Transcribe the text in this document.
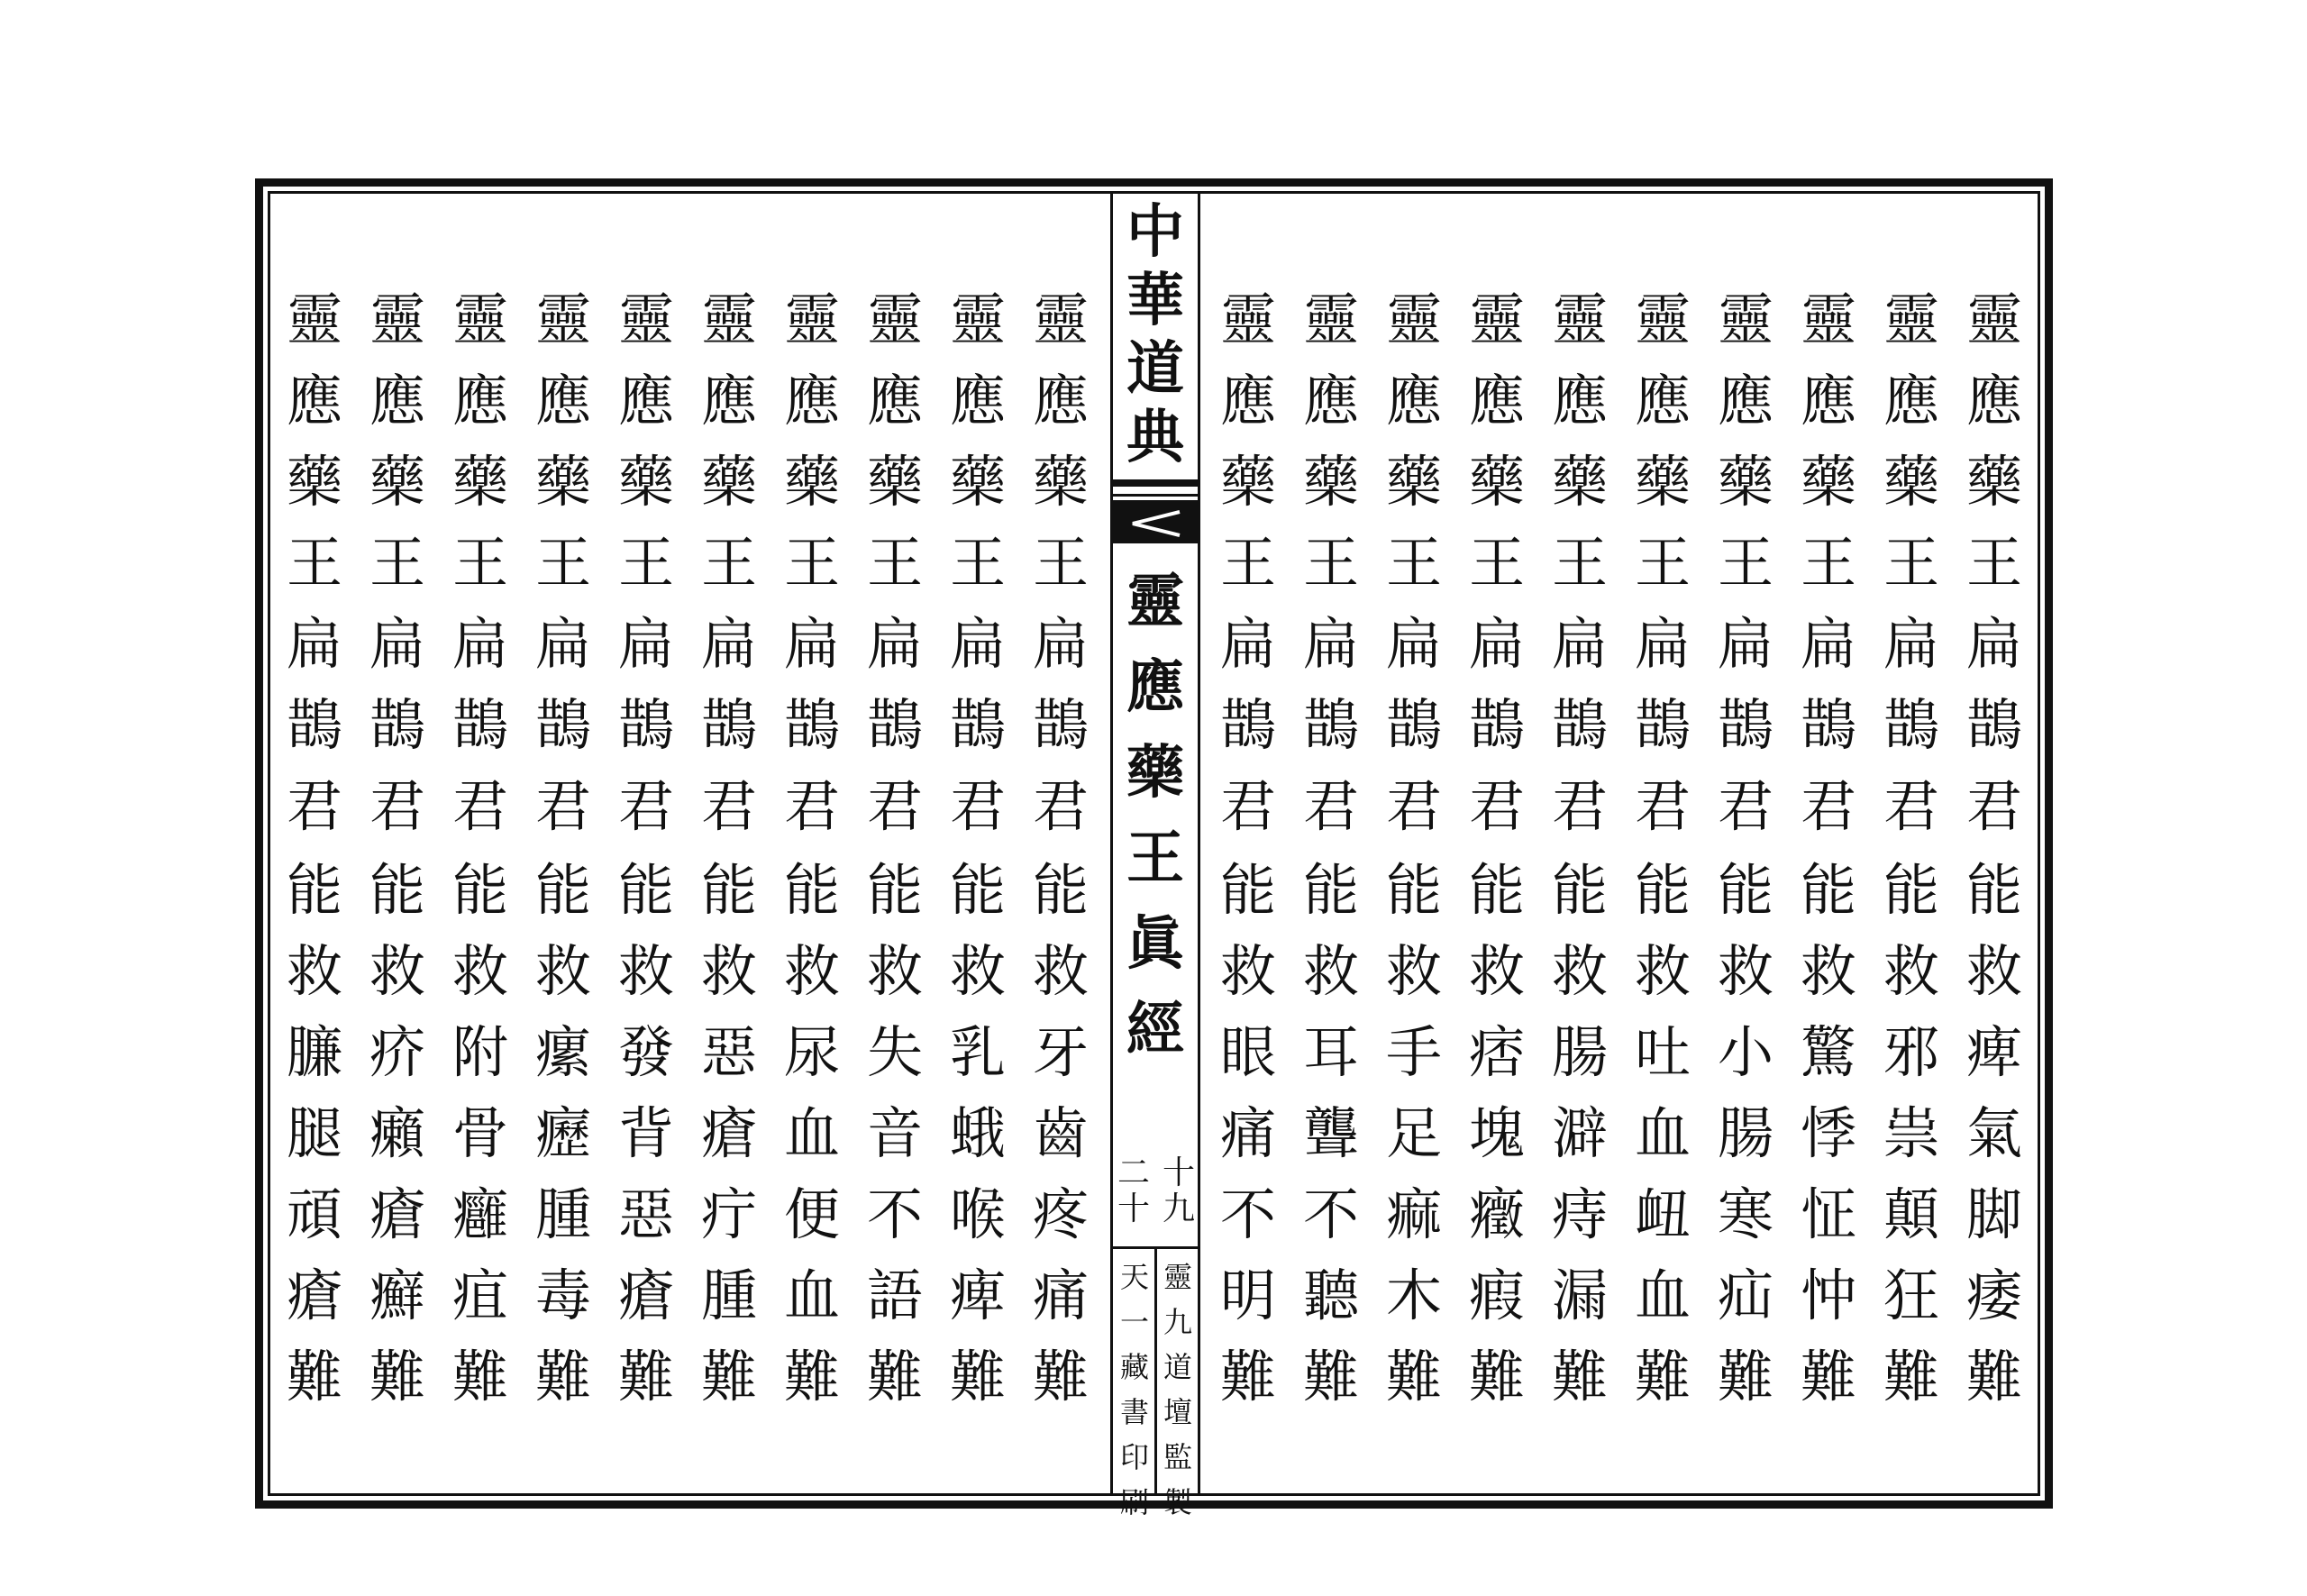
中
華
道
典
靈
應
藥
王
眞
經
十
九
二
十
靈
九
道
壇
監
製
天
一
藏
書
印
刷
靈
應
藥
王
扁
鵲
君
能
救
痺
氣
脚
痿
難
靈
應
藥
王
扁
鵲
君
能
救
邪
祟
顛
狂
難
靈
應
藥
王
扁
鵲
君
能
救
驚
悸
怔
忡
難
靈
應
藥
王
扁
鵲
君
能
救
小
腸
寒
疝
難
靈
應
藥
王
扁
鵲
君
能
救
吐
血
衄
血
難
靈
應
藥
王
扁
鵲
君
能
救
腸
澼
痔
漏
難
靈
應
藥
王
扁
鵲
君
能
救
痞
塊
癥
瘕
難
靈
應
藥
王
扁
鵲
君
能
救
手
足
痲
木
難
靈
應
藥
王
扁
鵲
君
能
救
耳
聾
不
聽
難
靈
應
藥
王
扁
鵲
君
能
救
眼
痛
不
明
難
靈
應
藥
王
扁
鵲
君
能
救
牙
齒
疼
痛
難
靈
應
藥
王
扁
鵲
君
能
救
乳
蛾
喉
痺
難
靈
應
藥
王
扁
鵲
君
能
救
失
音
不
語
難
靈
應
藥
王
扁
鵲
君
能
救
尿
血
便
血
難
靈
應
藥
王
扁
鵲
君
能
救
惡
瘡
疔
腫
難
靈
應
藥
王
扁
鵲
君
能
救
發
背
惡
瘡
難
靈
應
藥
王
扁
鵲
君
能
救
瘰
癧
腫
毒
難
靈
應
藥
王
扁
鵲
君
能
救
附
骨
癰
疽
難
靈
應
藥
王
扁
鵲
君
能
救
疥
癩
瘡
癬
難
靈
應
藥
王
扁
鵲
君
能
救
臁
腿
頑
瘡
難
